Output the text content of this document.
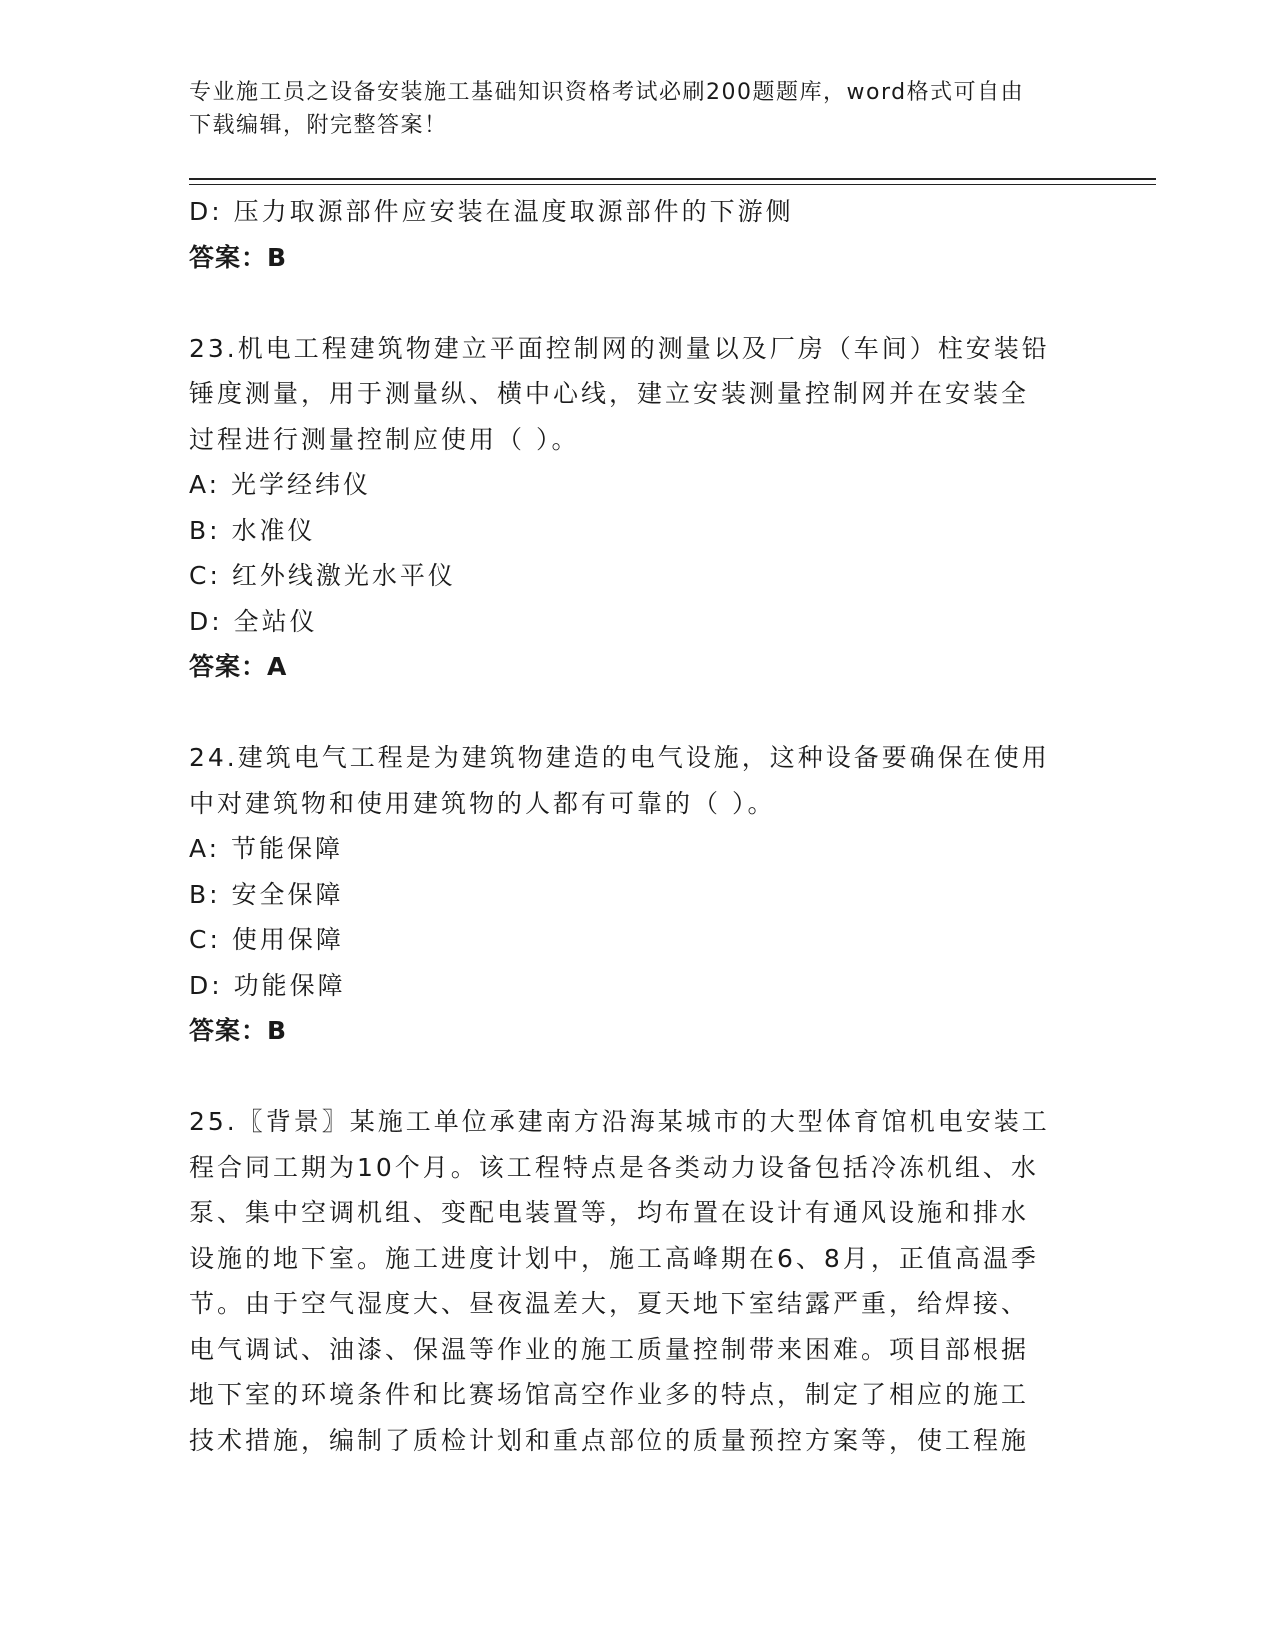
专业施工员之设备安装施工基础知识资格考试必刷200题题库，word格式可自由
下载编辑，附完整答案！
D: 压力取源部件应安装在温度取源部件的下游侧
答案：B
23.机电工程建筑物建立平面控制网的测量以及厂房（车间）柱安装铅
锤度测量，用于测量纵、横中心线，建立安装测量控制网并在安装全
过程进行测量控制应使用（ ）。
A: 光学经纬仪
B: 水准仪
C: 红外线激光水平仪
D: 全站仪
答案：A
24.建筑电气工程是为建筑物建造的电气设施，这种设备要确保在使用
中对建筑物和使用建筑物的人都有可靠的（ ）。
A: 节能保障
B: 安全保障
C: 使用保障
D: 功能保障
答案：B
25.〖背景〗某施工单位承建南方沿海某城市的大型体育馆机电安装工
程合同工期为10个月。该工程特点是各类动力设备包括冷冻机组、水
泵、集中空调机组、变配电装置等，均布置在设计有通风设施和排水
设施的地下室。施工进度计划中，施工高峰期在6、8月，正值高温季
节。由于空气湿度大、昼夜温差大，夏天地下室结露严重，给焊接、
电气调试、油漆、保温等作业的施工质量控制带来困难。项目部根据
地下室的环境条件和比赛场馆高空作业多的特点，制定了相应的施工
技术措施，编制了质检计划和重点部位的质量预控方案等，使工程施
